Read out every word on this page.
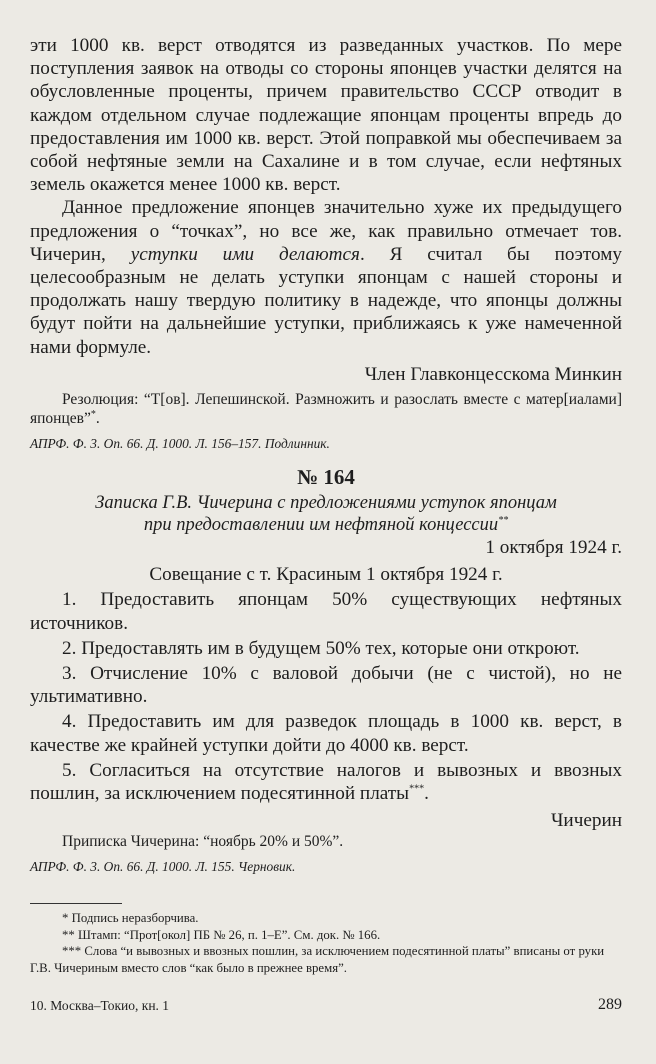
эти 1000 кв. верст отводятся из разведанных участков. По мере поступления заявок на отводы со стороны японцев участки делятся на обусловленные проценты, причем правительство СССР отводит в каждом отдельном случае подлежащие японцам проценты впредь до предоставления им 1000 кв. верст. Этой поправкой мы обеспечиваем за собой нефтяные земли на Сахалине и в том случае, если нефтяных земель окажется менее 1000 кв. верст.

Данное предложение японцев значительно хуже их предыдущего предложения о “точках”, но все же, как правильно отмечает тов. Чичерин, уступки ими делаются. Я считал бы поэтому целесообразным не делать уступки японцам с нашей стороны и продолжать нашу твердую политику в надежде, что японцы должны будут пойти на дальнейшие уступки, приближаясь к уже намеченной нами формуле.

Член Главконцесскома Минкин

Резолюция: “Т[ов]. Лепешинской. Размножить и разослать вместе с матер[иалами] японцев”*.

АПРФ. Ф. 3. Оп. 66. Д. 1000. Л. 156–157. Подлинник.

№ 164

Записка Г.В. Чичерина с предложениями уступок японцам

при предоставлении им нефтяной концессии**

1 октября 1924 г.

Совещание с т. Красиным 1 октября 1924 г.

1. Предоставить японцам 50% существующих нефтяных источников.

2. Предоставлять им в будущем 50% тех, которые они откроют.

3. Отчисление 10% с валовой добычи (не с чистой), но не ультимативно.

4. Предоставить им для разведок площадь в 1000 кв. верст, в качестве же крайней уступки дойти до 4000 кв. верст.

5. Согласиться на отсутствие налогов и вывозных и ввозных пошлин, за исключением подесятинной платы***.

Чичерин

Приписка Чичерина: “ноябрь 20% и 50%”.

АПРФ. Ф. 3. Оп. 66. Д. 1000. Л. 155. Черновик.

* Подпись неразборчива.

** Штамп: “Прот[окол] ПБ № 26, п. 1–Е”. См. док. № 166.

*** Слова “и вывозных и ввозных пошлин, за исключением подесятинной платы” вписаны от руки Г.В. Чичериным вместо слов “как было в прежнее время”.

10. Москва–Токио, кн. 1	289
